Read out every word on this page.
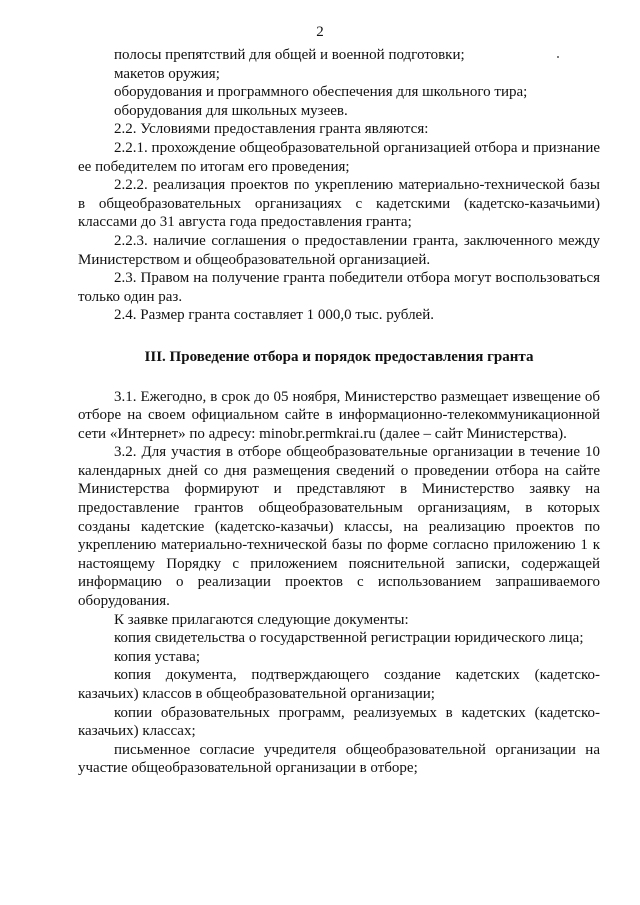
2

полосы препятствий для общей и военной подготовки;

макетов оружия;

оборудования и программного обеспечения для школьного тира;

оборудования для школьных музеев.

2.2. Условиями предоставления гранта являются:

2.2.1. прохождение общеобразовательной организацией отбора и признание ее победителем по итогам его проведения;

2.2.2. реализация проектов по укреплению материально-технической базы в общеобразовательных организациях с кадетскими (кадетско-казачьими) классами до 31 августа года предоставления гранта;

2.2.3. наличие соглашения о предоставлении гранта, заключенного между Министерством и общеобразовательной организацией.

2.3. Правом на получение гранта победители отбора могут воспользоваться только один раз.

2.4. Размер гранта составляет 1 000,0 тыс. рублей.

III. Проведение отбора и порядок предоставления гранта

3.1. Ежегодно, в срок до 05 ноября, Министерство размещает извещение об отборе на своем официальном сайте в информационно-телекоммуникационной сети «Интернет» по адресу: minobr.permkrai.ru (далее – сайт Министерства).

3.2. Для участия в отборе общеобразовательные организации в течение 10 календарных дней со дня размещения сведений о проведении отбора на сайте Министерства формируют и представляют в Министерство заявку на предоставление грантов общеобразовательным организациям, в которых созданы кадетские (кадетско-казачьи) классы, на реализацию проектов по укреплению материально-технической базы по форме согласно приложению 1 к настоящему Порядку с приложением пояснительной записки, содержащей информацию о реализации проектов с использованием запрашиваемого оборудования.

К заявке прилагаются следующие документы:

копия свидетельства о государственной регистрации юридического лица;

копия устава;

копия документа, подтверждающего создание кадетских (кадетско-казачьих) классов в общеобразовательной организации;

копии образовательных программ, реализуемых в кадетских (кадетско-казачьих) классах;

письменное согласие учредителя общеобразовательной организации на участие общеобразовательной организации в отборе;
